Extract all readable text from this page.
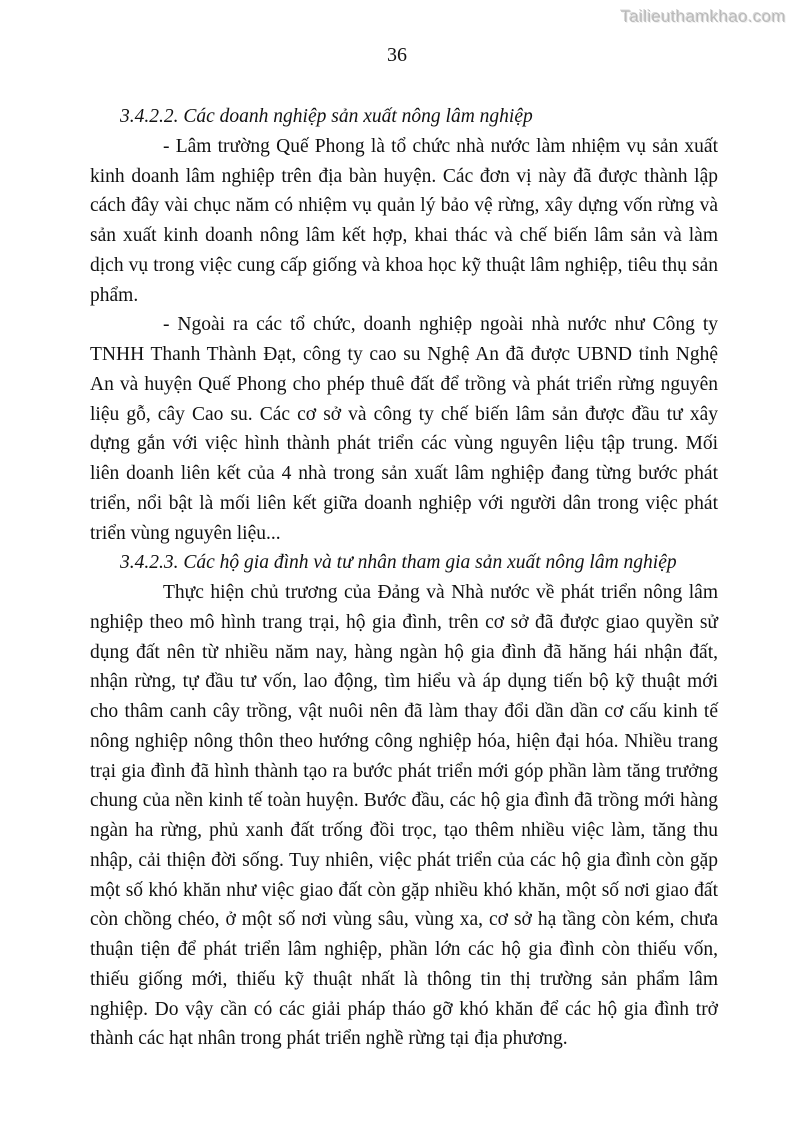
Tailieuthamkhao.com
36
3.4.2.2. Các doanh nghiệp sản xuất nông lâm nghiệp

- Lâm trường Quế Phong là tổ chức nhà nước làm nhiệm vụ sản xuất kinh doanh lâm nghiệp trên địa bàn huyện. Các đơn vị này đã được thành lập cách đây vài chục năm có nhiệm vụ quản lý bảo vệ rừng, xây dựng vốn rừng và sản xuất kinh doanh nông lâm kết hợp, khai thác và chế biến lâm sản và làm dịch vụ trong việc cung cấp giống và khoa học kỹ thuật lâm nghiệp, tiêu thụ sản phẩm.

- Ngoài ra các tổ chức, doanh nghiệp ngoài nhà nước như Công ty TNHH Thanh Thành Đạt, công ty cao su Nghệ An đã được UBND tỉnh Nghệ An và huyện Quế Phong cho phép thuê đất để trồng và phát triển rừng nguyên liệu gỗ, cây Cao su. Các cơ sở và công ty chế biến lâm sản được đầu tư xây dựng gắn với việc hình thành phát triển các vùng nguyên liệu tập trung. Mối liên doanh liên kết của 4 nhà trong sản xuất lâm nghiệp đang từng bước phát triển, nổi bật là mối liên kết giữa doanh nghiệp với người dân trong việc phát triển vùng nguyên liệu...

3.4.2.3. Các hộ gia đình và tư nhân tham gia sản xuất nông lâm nghiệp

Thực hiện chủ trương của Đảng và Nhà nước về phát triển nông lâm nghiệp theo mô hình trang trại, hộ gia đình, trên cơ sở đã được giao quyền sử dụng đất nên từ nhiều năm nay, hàng ngàn hộ gia đình đã hăng hái nhận đất, nhận rừng, tự đầu tư vốn, lao động, tìm hiểu và áp dụng tiến bộ kỹ thuật mới cho thâm canh cây trồng, vật nuôi nên đã làm thay đổi dần dần cơ cấu kinh tế nông nghiệp nông thôn theo hướng công nghiệp hóa, hiện đại hóa. Nhiều trang trại gia đình đã hình thành tạo ra bước phát triển mới góp phần làm tăng trưởng chung của nền kinh tế toàn huyện. Bước đầu, các hộ gia đình đã trồng mới hàng ngàn ha rừng, phủ xanh đất trống đồi trọc, tạo thêm nhiều việc làm, tăng thu nhập, cải thiện đời sống. Tuy nhiên, việc phát triển của các hộ gia đình còn gặp một số khó khăn như việc giao đất còn gặp nhiều khó khăn, một số nơi giao đất còn chồng chéo, ở một số nơi vùng sâu, vùng xa, cơ sở hạ tầng còn kém, chưa thuận tiện để phát triển lâm nghiệp, phần lớn các hộ gia đình còn thiếu vốn, thiếu giống mới, thiếu kỹ thuật nhất là thông tin thị trường sản phẩm lâm nghiệp. Do vậy cần có các giải pháp tháo gỡ khó khăn để các hộ gia đình trở thành các hạt nhân trong phát triển nghề rừng tại địa phương.
